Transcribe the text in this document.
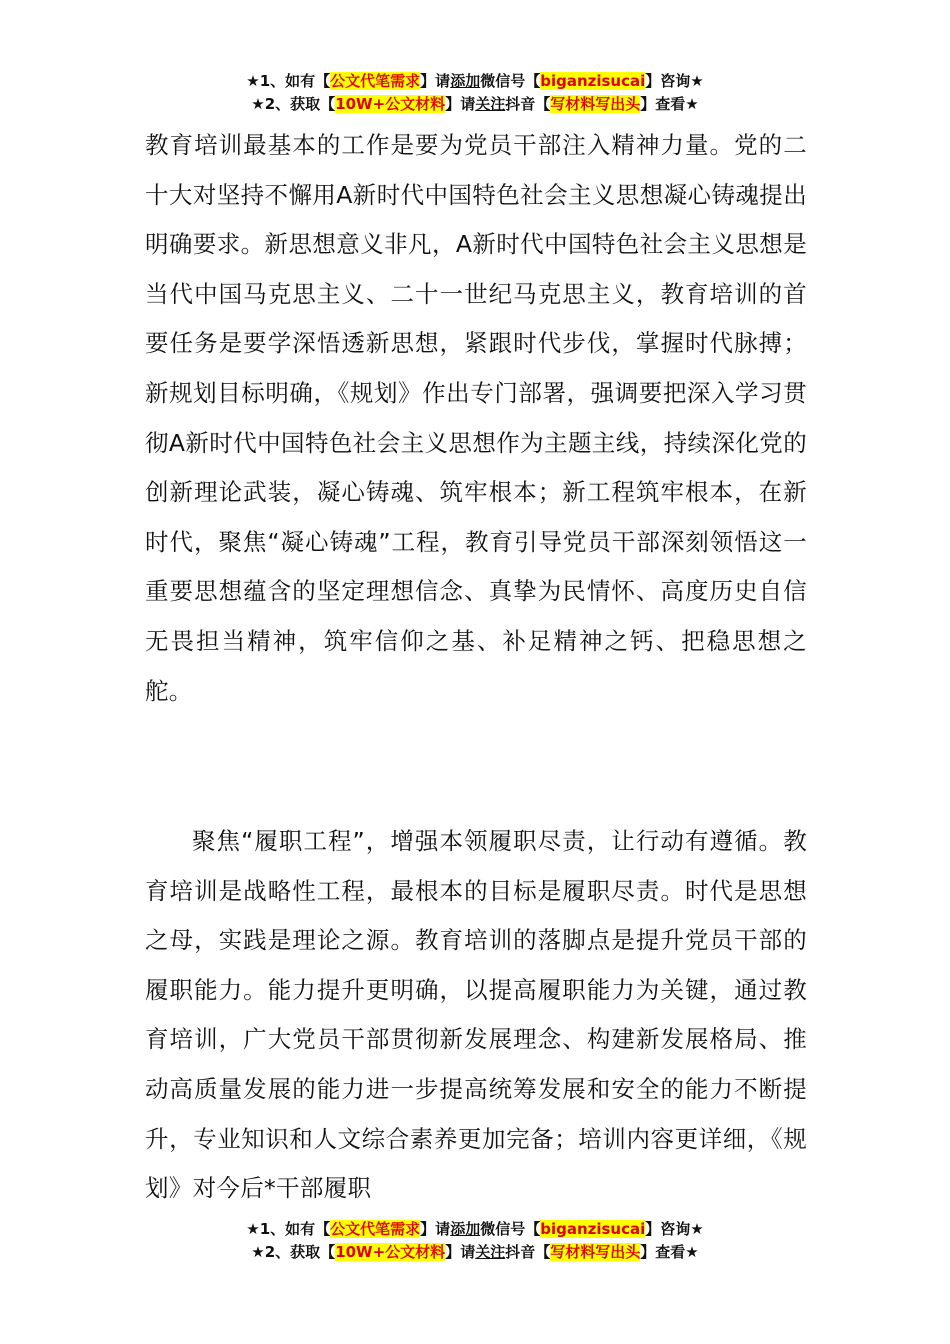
★1、如有【公文代笔需求】请添加微信号【biganzisucai】咨询★
★2、获取【10W+公文材料】请关注抖音【写材料写出头】查看★
教育培训最基本的工作是要为党员干部注入精神力量。党的二十大对坚持不懈用A新时代中国特色社会主义思想凝心铸魂提出明确要求。新思想意义非凡，A新时代中国特色社会主义思想是当代中国马克思主义、二十一世纪马克思主义，教育培训的首要任务是要学深悟透新思想，紧跟时代步伐，掌握时代脉搏；新规划目标明确，《规划》作出专门部署，强调要把深入学习贯彻A新时代中国特色社会主义思想作为主题主线，持续深化党的创新理论武装，凝心铸魂、筑牢根本；新工程筑牢根本，在新时代，聚焦“凝心铸魂”工程，教育引导党员干部深刻领悟这一重要思想蕴含的坚定理想信念、真挚为民情怀、高度历史自信无畏担当精神，筑牢信仰之基、补足精神之钙、把稳思想之舵。
聚焦“履职工程”，增强本领履职尽责，让行动有遵循。教育培训是战略性工程，最根本的目标是履职尽责。时代是思想之母，实践是理论之源。教育培训的落脚点是提升党员干部的履职能力。能力提升更明确，以提高履职能力为关键，通过教育培训，广大党员干部贯彻新发展理念、构建新发展格局、推动高质量发展的能力进一步提高统筹发展和安全的能力不断提升，专业知识和人文综合素养更加完备；培训内容更详细，《规划》对今后*干部履职
★1、如有【公文代笔需求】请添加微信号【biganzisucai】咨询★
★2、获取【10W+公文材料】请关注抖音【写材料写出头】查看★
